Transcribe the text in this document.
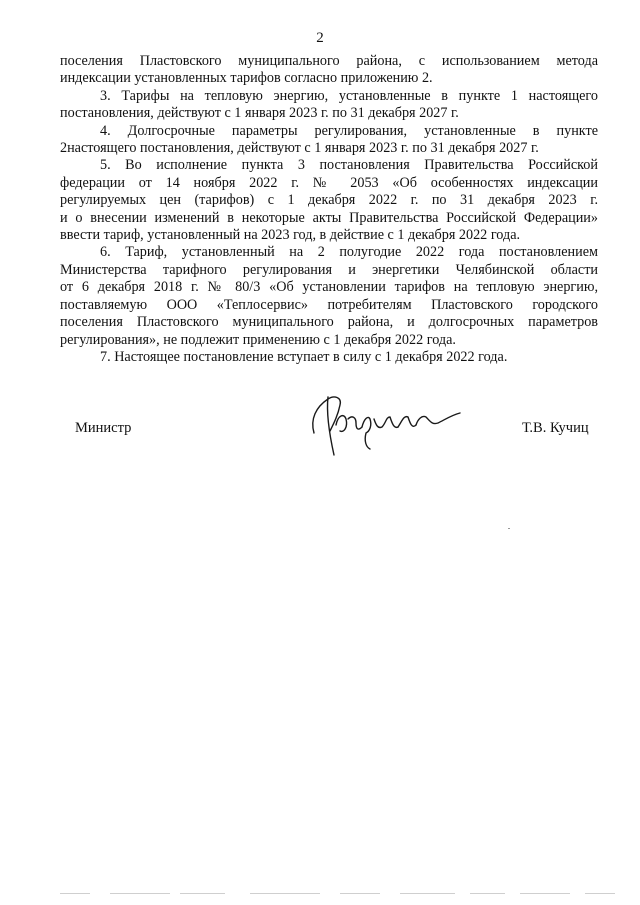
2

поселения Пластовского муниципального района, с использованием метода
индексации установленных тарифов согласно приложению 2.

3. Тарифы на тепловую энергию, установленные в пункте 1 настоящего
постановления, действуют с 1 января 2023 г. по 31 декабря 2027 г.

4. Долгосрочные параметры регулирования, установленные в пункте
2настоящего постановления, действуют с 1 января 2023 г. по 31 декабря 2027 г.

5. Во исполнение пункта 3 постановления Правительства Российской
федерации от 14 ноября 2022 г. № 2053 «Об особенностях индексации
регулируемых цен (тарифов) с 1 декабря 2022 г. по 31 декабря 2023 г.
и о внесении изменений в некоторые акты Правительства Российской Федерации»
ввести тариф, установленный на 2023 год, в действие с 1 декабря 2022 года.

6. Тариф, установленный на 2 полугодие 2022 года постановлением
Министерства тарифного регулирования и энергетики Челябинской области
от 6 декабря 2018 г. № 80/3 «Об установлении тарифов на тепловую энергию,
поставляемую ООО «Теплосервис» потребителям Пластовского городского
поселения Пластовского муниципального района, и долгосрочных параметров
регулирования», не подлежит применению с 1 декабря 2022 года.

7. Настоящее постановление вступает в силу с 1 декабря 2022 года.

Министр	Т.В. Кучиц
